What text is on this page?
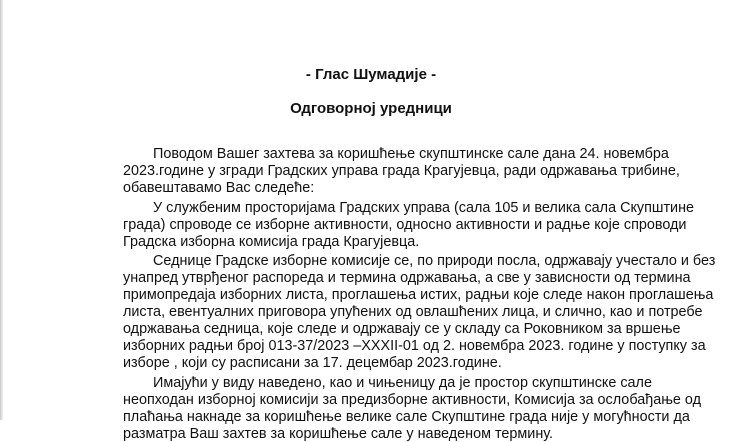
- Глас Шумадије -
Одговорној уредници
Поводом Вашег захтева за коришћење скупштинске сале дана 24. новембра
2023.године у згради Градских управа града Крагујевца, ради одржавања трибине,
обавештавамо Вас следеће:
У службеним просторијама Градских управа (сала 105 и велика сала Скупштине
града) спроводе се изборне активности, односно активности и радње које спроводи
Градска изборна комисија града Крагујевца.
Седнице Градске изборне комисије се, по природи посла, одржавају учестало и без
унапред утврђеног распореда и термина одржавања, а све у зависности од термина
примопредаја изборних листа, проглашења истих, радњи које следе након проглашења
листа, евентуалних приговора упућених од овлашћених лица, и слично, као и потребе
одржавања седница, које следе и одржавају се у складу са Роковником за вршење
изборних радњи број 013-37/2023 –XXXII-01 од 2. новембра 2023. године у поступку за
изборе , који су расписани за 17. децембар 2023.године.
Имајући у виду наведено, као и чињеницу да је простор скупштинске сале
неопходан изборној комисији за предизборне активности, Комисија за ослобађање од
плаћања накнаде за коришћење велике сале Скупштине града није у могућности да
разматра Ваш захтев за коришћење сале у наведеном термину.
